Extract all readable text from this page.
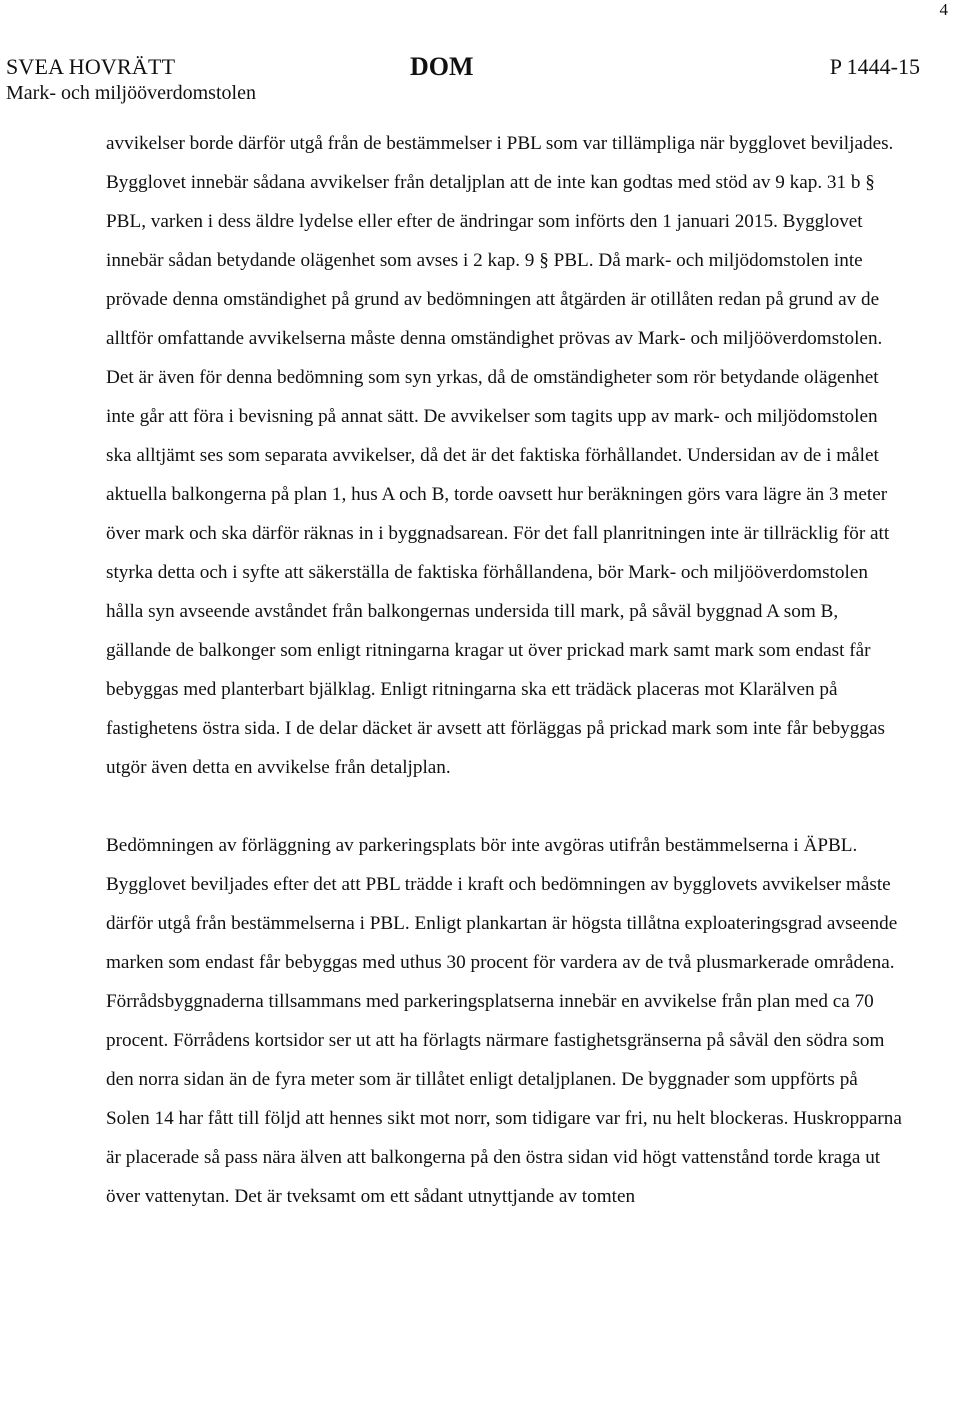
4
SVEA HOVRÄTT
Mark- och miljööverdomstolen
DOM	P 1444-15

avvikelser borde därför utgå från de bestämmelser i PBL som var tillämpliga när bygglovet beviljades. Bygglovet innebär sådana avvikelser från detaljplan att de inte kan godtas med stöd av 9 kap. 31 b § PBL, varken i dess äldre lydelse eller efter de ändringar som införts den 1 januari 2015. Bygglovet innebär sådan betydande olägenhet som avses i 2 kap. 9 § PBL. Då mark- och miljödomstolen inte prövade denna omständighet på grund av bedömningen att åtgärden är otillåten redan på grund av de alltför omfattande avvikelserna måste denna omständighet prövas av Mark- och miljööverdomstolen. Det är även för denna bedömning som syn yrkas, då de omständigheter som rör betydande olägenhet inte går att föra i bevisning på annat sätt. De avvikelser som tagits upp av mark- och miljödomstolen ska alltjämt ses som separata avvikelser, då det är det faktiska förhållandet. Undersidan av de i målet aktuella balkongerna på plan 1, hus A och B, torde oavsett hur beräkningen görs vara lägre än 3 meter över mark och ska därför räknas in i byggnadsarean. För det fall planritningen inte är tillräcklig för att styrka detta och i syfte att säkerställa de faktiska förhållandena, bör Mark- och miljööverdomstolen hålla syn avseende avståndet från balkongernas undersida till mark, på såväl byggnad A som B, gällande de balkonger som enligt ritningarna kragar ut över prickad mark samt mark som endast får bebyggas med planterbart bjälklag. Enligt ritningarna ska ett trädäck placeras mot Klarälven på fastighetens östra sida. I de delar däcket är avsett att förläggas på prickad mark som inte får bebyggas utgör även detta en avvikelse från detaljplan.

Bedömningen av förläggning av parkeringsplats bör inte avgöras utifrån bestämmelserna i ÄPBL. Bygglovet beviljades efter det att PBL trädde i kraft och bedömningen av bygglovets avvikelser måste därför utgå från bestämmelserna i PBL. Enligt plankartan är högsta tillåtna exploateringsgrad avseende marken som endast får bebyggas med uthus 30 procent för vardera av de två plusmarkerade områdena. Förrådsbyggnaderna tillsammans med parkeringsplatserna innebär en avvikelse från plan med ca 70 procent. Förrådens kortsidor ser ut att ha förlagts närmare fastighetsgränserna på såväl den södra som den norra sidan än de fyra meter som är tillåtet enligt detaljplanen. De byggnader som uppförts på Solen 14 har fått till följd att hennes sikt mot norr, som tidigare var fri, nu helt blockeras. Huskropparna är placerade så pass nära älven att balkongerna på den östra sidan vid högt vattenstånd torde kraga ut över vattenytan. Det är tveksamt om ett sådant utnyttjande av tomten
